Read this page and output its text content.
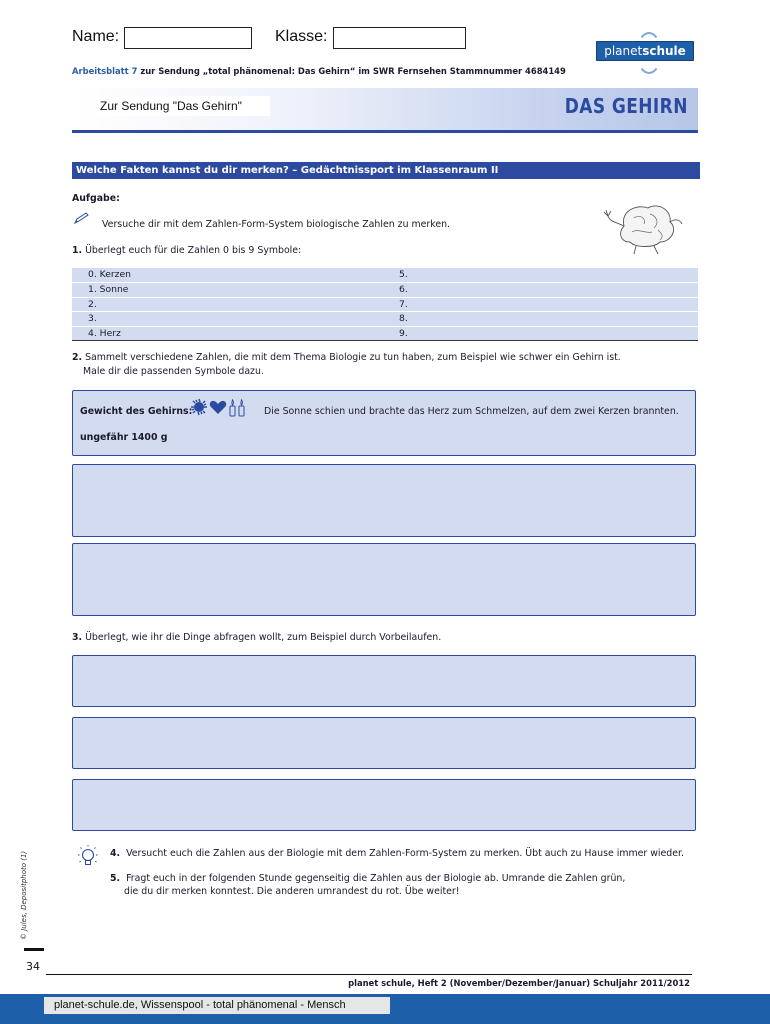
Name:	Klasse:
planetschule
Arbeitsblatt 7 zur Sendung „total phänomenal: Das Gehirn“ im SWR Fernsehen Stammnummer 4684149
Zur Sendung "Das Gehirn"	DAS GEHIRN
Welche Fakten kannst du dir merken? – Gedächtnissport im Klassenraum II
Aufgabe:
Versuche dir mit dem Zahlen-Form-System biologische Zahlen zu merken.
1. Überlegt euch für die Zahlen 0 bis 9 Symbole:
0. Kerzen	5.
1. Sonne	6.
2.	7.
3.	8.
4. Herz	9.
2. Sammelt verschiedene Zahlen, die mit dem Thema Biologie zu tun haben, zum Beispiel wie schwer ein Gehirn ist.
Male dir die passenden Symbole dazu.
Gewicht des Gehirns:	Die Sonne schien und brachte das Herz zum Schmelzen, auf dem zwei Kerzen brannten.
ungefähr 1400 g
3. Überlegt, wie ihr die Dinge abfragen wollt, zum Beispiel durch Vorbeilaufen.
4. Versucht euch die Zahlen aus der Biologie mit dem Zahlen-Form-System zu merken. Übt auch zu Hause immer wieder.
5. Fragt euch in der folgenden Stunde gegenseitig die Zahlen aus der Biologie ab. Umrande die Zahlen grün,
die du dir merken konntest. Die anderen umrandest du rot. Übe weiter!
© Jules, Depositphoto (1)
34
planet schule, Heft 2 (November/Dezember/Januar) Schuljahr 2011/2012
planet-schule.de, Wissenspool - total phänomenal - Mensch
